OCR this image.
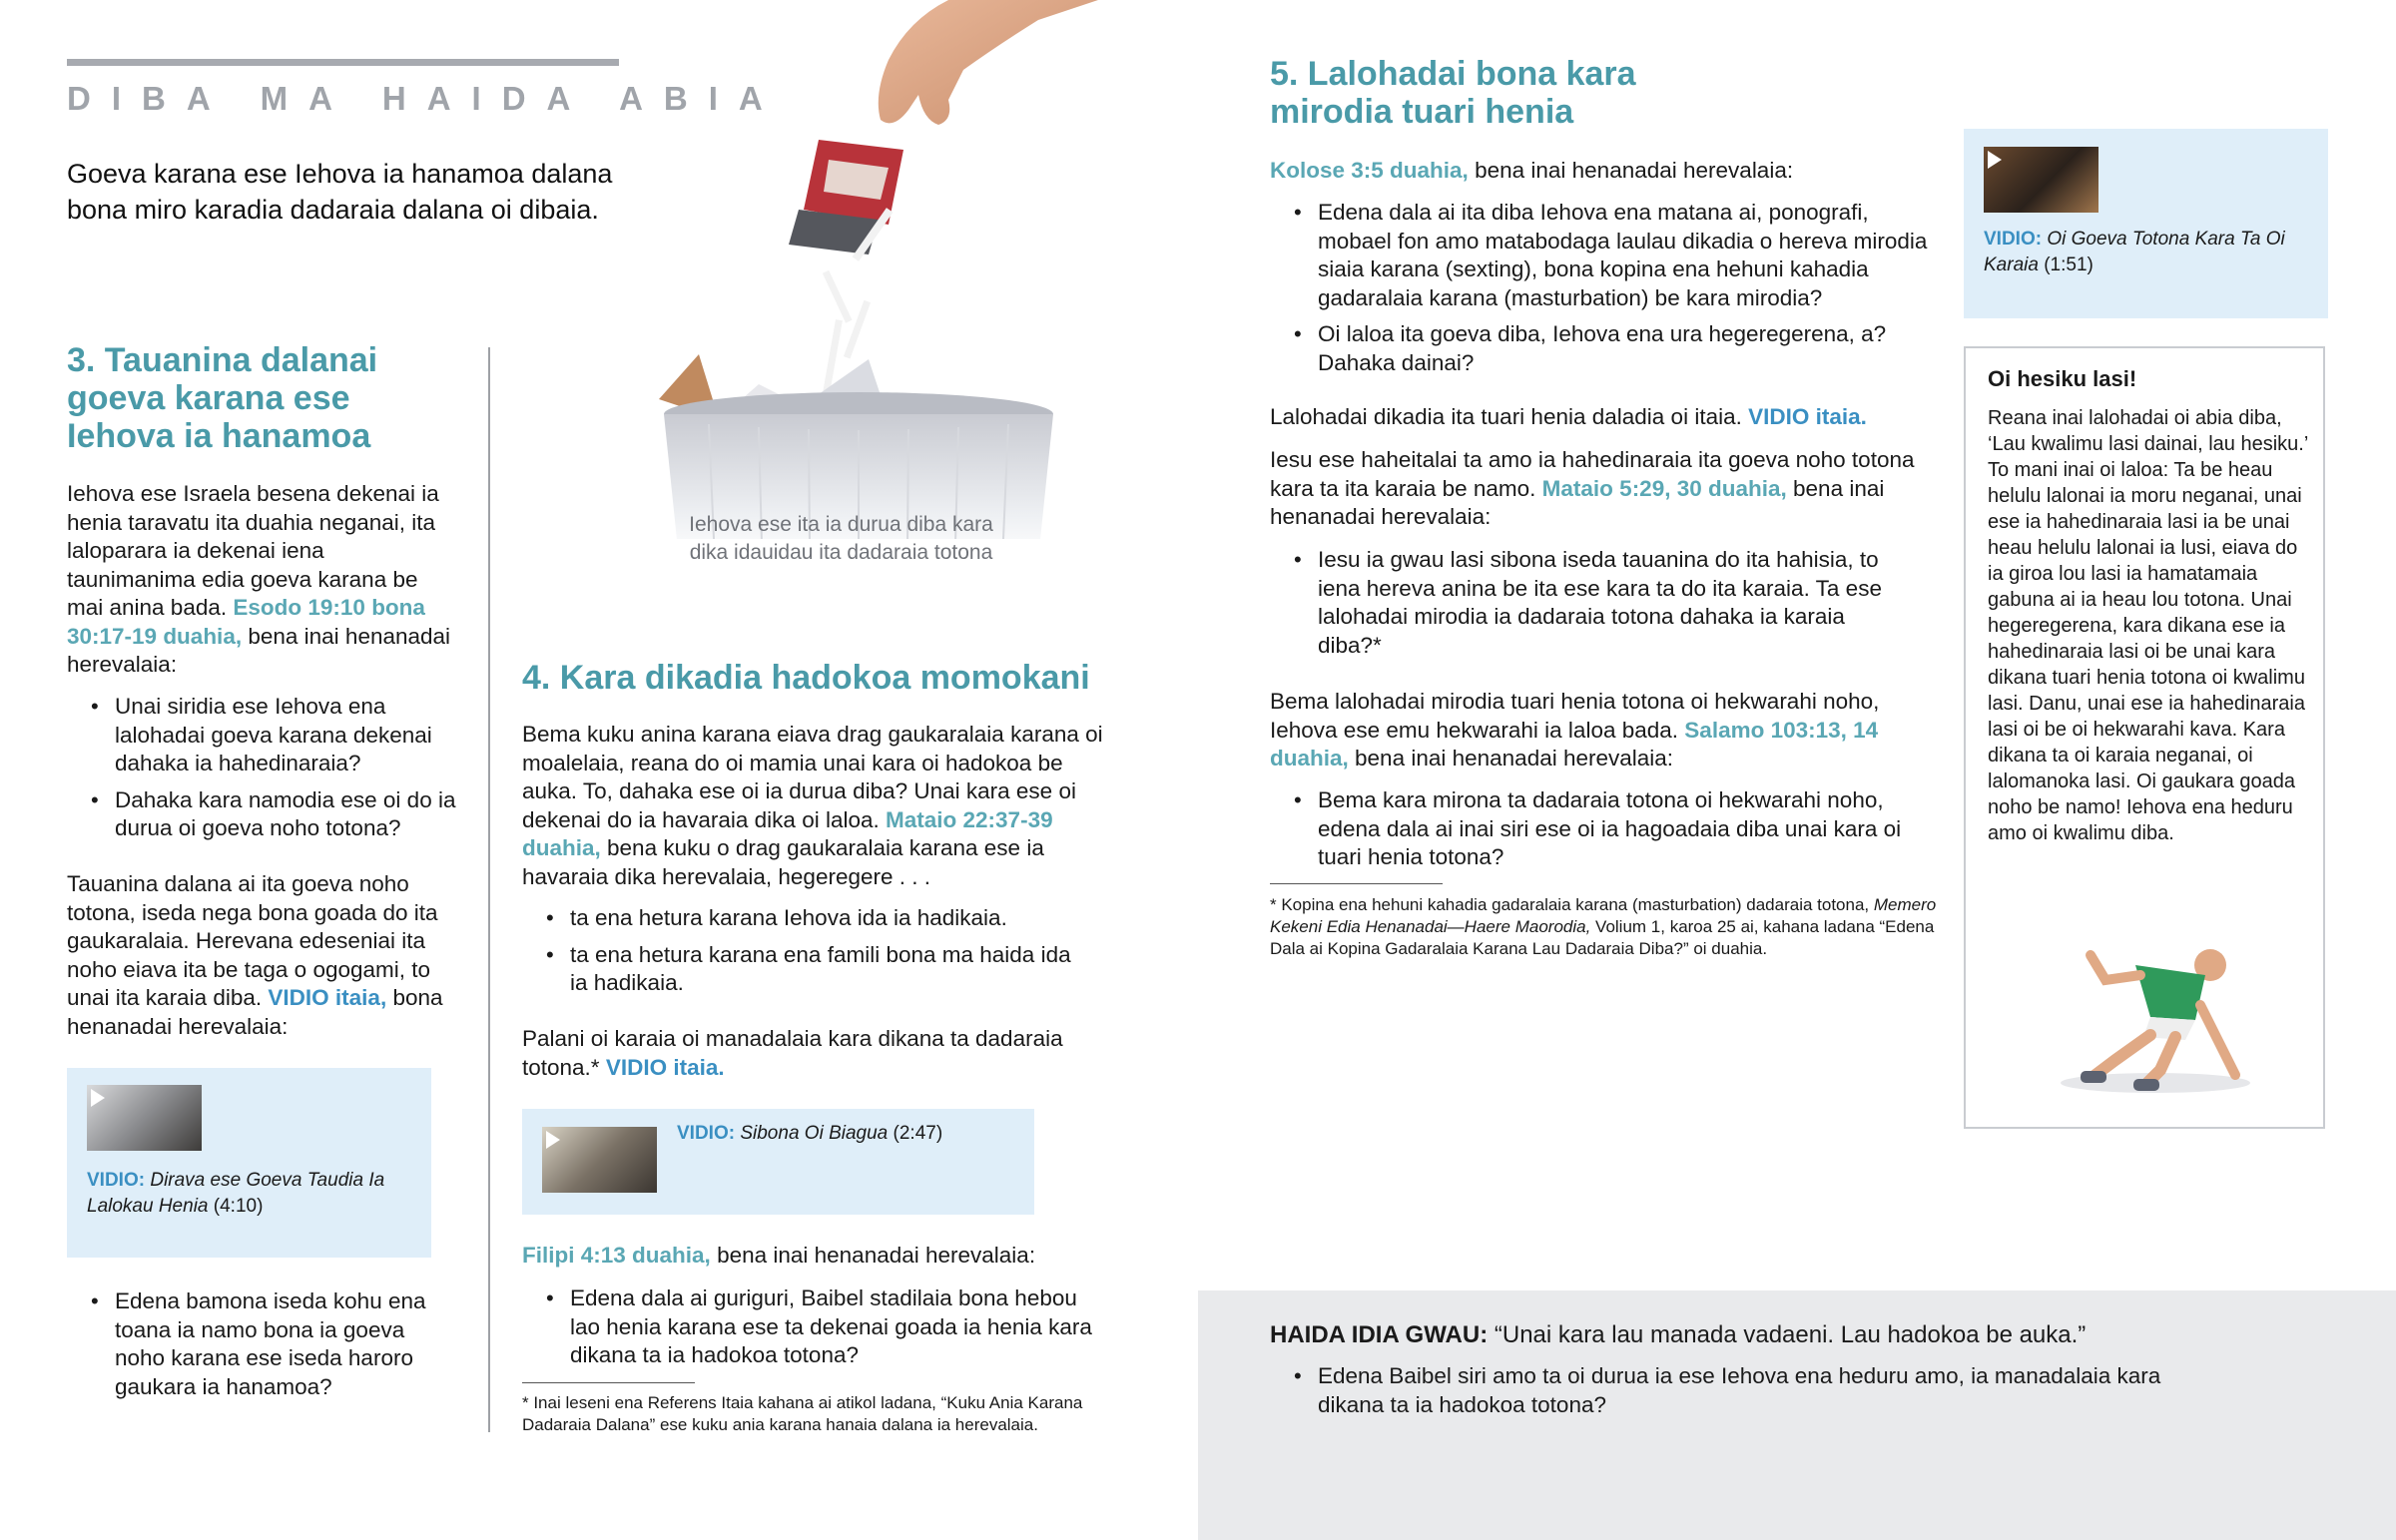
DIBA MA HAIDA ABIA
Goeva karana ese Iehova ia hanamoa dalana bona miro karadia dadaraia dalana oi dibaia.
Iehova ese ita ia durua diba kara dika idauidau ita dadaraia totona
3. Tauanina dalanai goeva karana ese Iehova ia hanamoa
Iehova ese Israela besena dekenai ia henia taravatu ita duahia neganai, ita laloparara ia dekenai iena taunimanima edia goeva karana be mai anina bada. Esodo 19:10 bona 30:17-19 duahia, bena inai henanadai herevalaia:
• Unai siridia ese Iehova ena lalohadai goeva karana dekenai dahaka ia hahedinaraia?
• Dahaka kara namodia ese oi do ia durua oi goeva noho totona?
Tauanina dalana ai ita goeva noho totona, iseda nega bona goada do ita gaukaralaia. Herevana edeseniai ita noho eiava ita be taga o ogogami, to unai ita karaia diba. VIDIO itaia, bona henanadai herevalaia:
VIDIO: Dirava ese Goeva Taudia Ia Lalokau Henia (4:10)
• Edena bamona iseda kohu ena toana ia namo bona ia goeva noho karana ese iseda haroro gaukara ia hanamoa?
4. Kara dikadia hadokoa momokani
Bema kuku anina karana eiava drag gaukaralaia karana oi moalelaia, reana do oi mamia unai kara oi hadokoa be auka. To, dahaka ese oi ia durua diba? Unai kara ese oi dekenai do ia havaraia dika oi laloa. Mataio 22:37-39 duahia, bena kuku o drag gaukaralaia karana ese ia havaraia dika herevalaia, hegeregere . . .
• ta ena hetura karana Iehova ida ia hadikaia.
• ta ena hetura karana ena famili bona ma haida ida ia hadikaia.
Palani oi karaia oi manadalaia kara dikana ta dadaraia totona.* VIDIO itaia.
VIDIO: Sibona Oi Biagua (2:47)
Filipi 4:13 duahia, bena inai henanadai herevalaia:
• Edena dala ai guriguri, Baibel stadilaia bona hebou lao henia karana ese ta dekenai goada ia henia kara dikana ta ia hadokoa totona?
* Inai leseni ena Referens Itaia kahana ai atikol ladana, “Kuku Ania Karana Dadaraia Dalana” ese kuku ania karana hanaia dalana ia herevalaia.
5. Lalohadai bona kara mirodia tuari henia
Kolose 3:5 duahia, bena inai henanadai herevalaia:
• Edena dala ai ita diba Iehova ena matana ai, ponografi, mobael fon amo matabodaga laulau dikadia o hereva mirodia siaia karana (sexting), bona kopina ena hehuni kahadia gadaralaia karana (masturbation) be kara mirodia?
• Oi laloa ita goeva diba, Iehova ena ura hegeregerena, a? Dahaka dainai?
Lalohadai dikadia ita tuari henia daladia oi itaia. VIDIO itaia.
Iesu ese haheitalai ta amo ia hahedinaraia ita goeva noho totona kara ta ita karaia be namo. Mataio 5:29, 30 duahia, bena inai henanadai herevalaia:
• Iesu ia gwau lasi sibona iseda tauanina do ita hahisia, to iena hereva anina be ita ese kara ta do ita karaia. Ta ese lalohadai mirodia ia dadaraia totona dahaka ia karaia diba?*
Bema lalohadai mirodia tuari henia totona oi hekwarahi noho, Iehova ese emu hekwarahi ia laloa bada. Salamo 103:13, 14 duahia, bena inai henanadai herevalaia:
• Bema kara mirona ta dadaraia totona oi hekwarahi noho, edena dala ai inai siri ese oi ia hagoadaia diba unai kara oi tuari henia totona?
* Kopina ena hehuni kahadia gadaralaia karana (masturbation) dadaraia totona, Memero Kekeni Edia Henanadai—Haere Maorodia, Volium 1, karoa 25 ai, kahana ladana “Edena Dala ai Kopina Gadaralaia Karana Lau Dadaraia Diba?” oi duahia.
VIDIO: Oi Goeva Totona Kara Ta Oi Karaia (1:51)
Oi hesiku lasi!
Reana inai lalohadai oi abia diba, ‘Lau kwalimu lasi dainai, lau hesiku.’ To mani inai oi laloa: Ta be heau helulu lalonai ia moru neganai, unai ese ia hahedinaraia lasi ia be unai heau helulu lalonai ia lusi, eiava do ia giroa lou lasi ia hamatamaia gabuna ai ia heau lou totona. Unai hegeregerena, kara dikana ese ia hahedinaraia lasi oi be unai kara dikana tuari henia totona oi kwalimu lasi. Danu, unai ese ia hahedinaraia lasi oi be oi hekwarahi kava. Kara dikana ta oi karaia neganai, oi lalomanoka lasi. Oi gaukara goada noho be namo! Iehova ena heduru amo oi kwalimu diba.
HAIDA IDIA GWAU: “Unai kara lau manada vadaeni. Lau hadokoa be auka.”
• Edena Baibel siri amo ta oi durua ia ese Iehova ena heduru amo, ia manadalaia kara dikana ta ia hadokoa totona?
